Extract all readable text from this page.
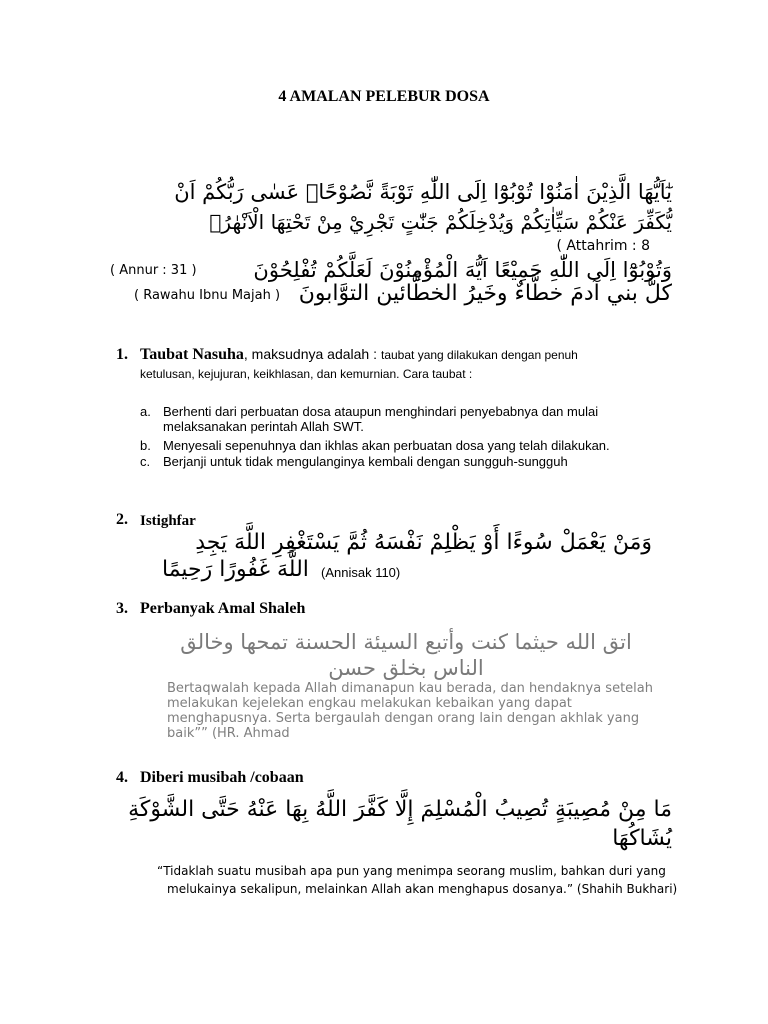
4 AMALAN PELEBUR DOSA
يٰٓاَيُّهَا الَّذِيْنَ اٰمَنُوْا تُوْبُوْٓا اِلَى اللّٰهِ تَوْبَةً نَّصُوْحًاۗ عَسٰى رَبُّكُمْ اَنْ
يُّكَفِّرَ عَنْكُمْ سَيِّاٰتِكُمْ وَيُدْخِلَكُمْ جَنّٰتٍ تَجْرِيْ مِنْ تَحْتِهَا الْاَنْهٰرُۙ
( Attahrim : 8
وَتُوْبُوْٓا اِلَى اللّٰهِ جَمِيْعًا اَيُّهَ الْمُؤْمِنُوْنَ لَعَلَّكُمْ تُفْلِحُوْنَ
( Annur : 31 )
كلُّ بني آدمَ خطَّاءٌ وخَيرُ الخطَّائين التوَّابونَ
( Rawahu Ibnu Majah )
1. Taubat Nasuha, maksudnya adalah : taubat yang dilakukan dengan penuh
ketulusan, kejujuran, keikhlasan, dan kemurnian. Cara taubat :
a. Berhenti dari perbuatan dosa ataupun menghindari penyebabnya dan mulai
melaksanakan perintah Allah SWT.
b. Menyesali sepenuhnya dan ikhlas akan perbuatan dosa yang telah dilakukan.
c. Berjanji untuk tidak mengulanginya kembali dengan sungguh-sungguh
2. Istighfar
وَمَنْ يَعْمَلْ سُوءًا أَوْ يَظْلِمْ نَفْسَهُ ثُمَّ يَسْتَغْفِرِ اللَّهَ يَجِدِ
اللَّهَ غَفُورًا رَحِيمًا (Annisak 110)
3. Perbanyak Amal Shaleh
اتق الله حيثما كنت وأتبع السيئة الحسنة تمحها وخالق
الناس بخلق حسن
Bertaqwalah kepada Allah dimanapun kau berada, dan hendaknya setelah
melakukan kejelekan engkau melakukan kebaikan yang dapat
menghapusnya. Serta bergaulah dengan orang lain dengan akhlak yang
baik”” (HR. Ahmad
4. Diberi musibah /cobaan
مَا مِنْ مُصِيبَةٍ تُصِيبُ الْمُسْلِمَ إِلَّا كَفَّرَ اللَّهُ بِهَا عَنْهُ حَتَّى الشَّوْكَةِ
يُشَاكُهَا
“Tidaklah suatu musibah apa pun yang menimpa seorang muslim, bahkan duri yang
melukainya sekalipun, melainkan Allah akan menghapus dosanya.” (Shahih Bukhari)
